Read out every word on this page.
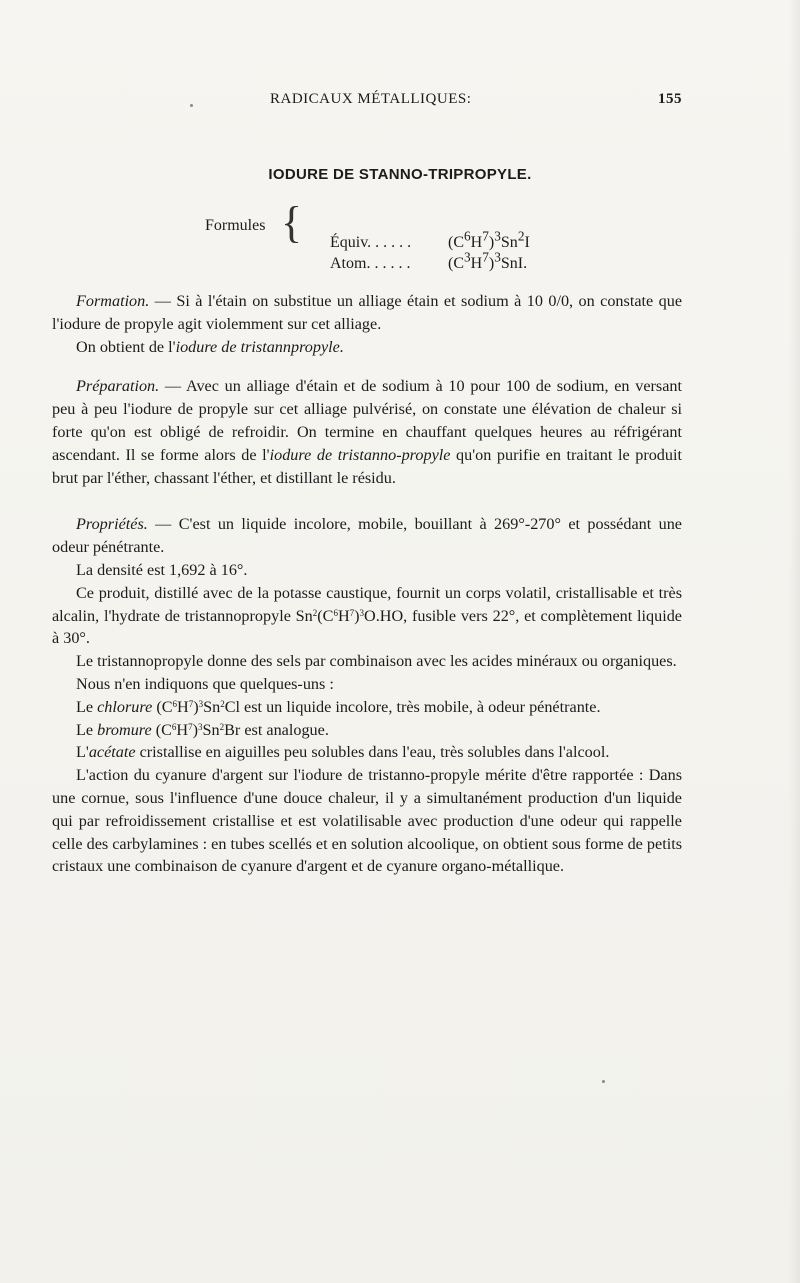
RADICAUX MÉTALLIQUES:	155
IODURE DE STANNO-TRIPROPYLE.
Formules {	Équiv. . . . . . $(C^6H^7)^3Sn^2I$

Atom. . . . . . $(C^3H^7)^3SnI$.

Formation. — Si à l'étain on substitue un alliage étain et sodium à 10 0/0, on constate que l'iodure de propyle agit violemment sur cet alliage.

On obtient de l'iodure de tristannpropyle.

Préparation. — Avec un alliage d'étain et de sodium à 10 pour 100 de sodium, en versant peu à peu l'iodure de propyle sur cet alliage pulvérisé, on constate une élévation de chaleur si forte qu'on est obligé de refroidir. On termine en chauffant quelques heures au réfrigérant ascendant. Il se forme alors de l'iodure de tristanno-propyle qu'on purifie en traitant le produit brut par l'éther, chassant l'éther, et distillant le résidu.

Propriétés. — C'est un liquide incolore, mobile, bouillant à 269°-270° et possédant une odeur pénétrante.

La densité est 1,692 à 16°.

Ce produit, distillé avec de la potasse caustique, fournit un corps volatil, cristallisable et très alcalin, l'hydrate de tristannopropyle $Sn^2(C^6H^7)^3O.HO$, fusible vers 22°, et complètement liquide à 30°.

Le tristannopropyle donne des sels par combinaison avec les acides minéraux ou organiques.

Nous n'en indiquons que quelques-uns :

Le chlorure $(C^6H^7)^3Sn^2Cl$ est un liquide incolore, très mobile, à odeur pénétrante.

Le bromure $(C^6H^7)^3Sn^2Br$ est analogue.

L'acétate cristallise en aiguilles peu solubles dans l'eau, très solubles dans l'alcool.

L'action du cyanure d'argent sur l'iodure de tristanno-propyle mérite d'être rapportée : Dans une cornue, sous l'influence d'une douce chaleur, il y a simultanément production d'un liquide qui par refroidissement cristallise et est volatilisable avec production d'une odeur qui rappelle celle des carbylamines : en tubes scellés et en solution alcoolique, on obtient sous forme de petits cristaux une combinaison de cyanure d'argent et de cyanure organo-métallique.
